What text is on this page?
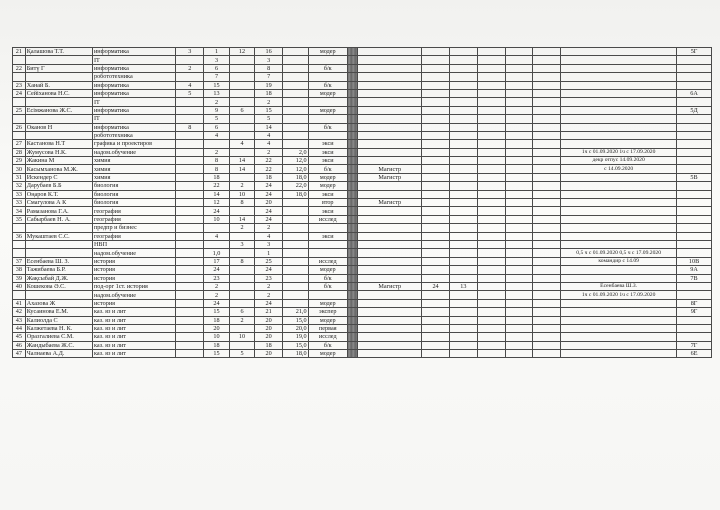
21	Қалашова Т.Т.	информатика	3	1	12	16		модер									5Г
		IT		3		3											
22	Битү Г	информатика	2	6		8		б/к									
		робототехника		7		7											
23	Ханай Б.	информатика	4	15		19		б/к									
24	Сейіханова Н.С.	информатика	5	13		18		модер									6А
		IT		2		2											
25	Есімжанова Ж.С.	информатика		9	6	15		модер									5Д
		IT		5		5											
26	Оканов Н	информатика	8	6		14		б/к									
		робототехника		4		4											
27	Кастанова Н.Т	графика и проектиров			4	4		экси									
28	Жумусова Н.К.	надом.обучение		2		2	2,0	экси								1ч с 01.09.2020 1ч с 17.09.2020	
29	Жакина М	химия		8	14	22	12,0	экси								декр отпус 14.09.2020	
30	Касымханова М.Ж.	химия		8	14	22	12,0	б/к		Магистр						с 14.09.2020	
31	Искендер С	химия		18		18	18,0	модер		Магистр							5В
32	Дарубаев Б.Б	биология		22	2	24	22,0	модер									
33	Оңаров К.Т.	биология		14	10	24	18,0	экси									
33	Смагулова А К	биология		12	8	20		втор		Магистр							
34	Рамазанова Г.А.	география		24		24		экси									
35	Сабырбаев Н. А.	география		10	14	24		исслед									
		предпр и бизнес			2	2											
36	Мукаштаев С.С.	география		4		4		экси									
		НВП			3	3											
		надом.обучение		1,0		1										0,5 ч с 01.09.2020 0,5 ч с 17.09.2020	
37	Есенбаева Ш. З.	история		17	8	25		исслед								командир с 14.09	10В
38	Тажибаева Б.Р.	история		24		24		модер									9А
39	Жақсыбай Д.Ж.	история		23		23		б/к									7В
40	Кошекова Ә.С.	под-орг 1ст. история		2		2		б/к		Магистр	24	13				Есенбаева Ш.З.	
		надом.обучение		2		2										1ч с 01.09.2020 1ч с 17.09.2020	
41	Ахазова Ж	история		24		24		модер									8Г
42	Кусаинова Е.М.	каз. яз и лит		15	6	21	21,0	экспер									9Г
43	Калиолда С	каз. яз и лит		18	2	20	15,0	модер									
44	Калжетаева Н. К.	каз. яз и лит		20		20	20,0	первая									
45	Оразгалиева С.М.	каз. яз и лит		10	10	20	19,0	исслед									
46	Жандыбаева Ж.С.	каз. яз и лит		18		18	15,0	б/к									7Г
47	Чалнаева А.Д.	каз. яз и лит		15	5	20	18,0	модер									6Е
